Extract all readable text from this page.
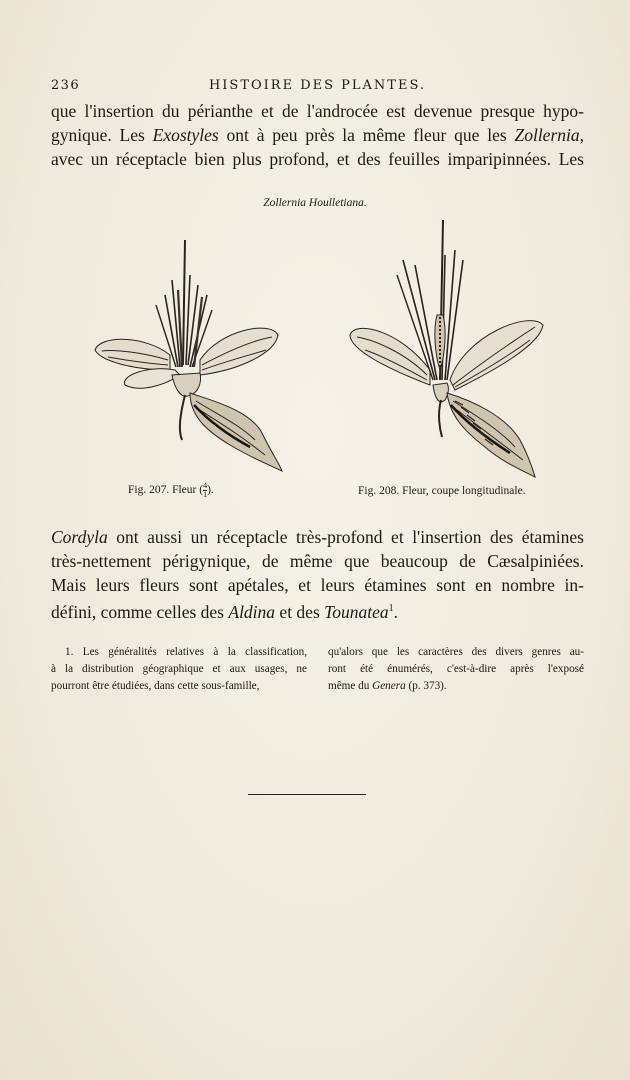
236	HISTOIRE DES PLANTES.
que l'insertion du périanthe et de l'androcée est devenue presque hypo-
gynique. Les Exostyles ont à peu près la même fleur que les Zollernia,
avec un réceptacle bien plus profond, et des feuilles imparipinnées. Les
Zollernia Houlletiana.
Fig. 207. Fleur ( $\frac{4}{1}$ ).	Fig. 208. Fleur, coupe longitudinale.
Cordyla ont aussi un réceptacle très-profond et l'insertion des étamines
très-nettement périgynique, de même que beaucoup de Cæsalpiniées.
Mais leurs fleurs sont apétales, et leurs étamines sont en nombre in-
défini, comme celles des Aldina et des Tounatea$^1$.
1. Les généralités relatives à la classification,
à la distribution géographique et aux usages, ne
pourront être étudiées, dans cette sous-famille,
qu'alors que les caractères des divers genres au-
ront été énumérés, c'est-à-dire après l'exposé
même du Genera (p. 373).
